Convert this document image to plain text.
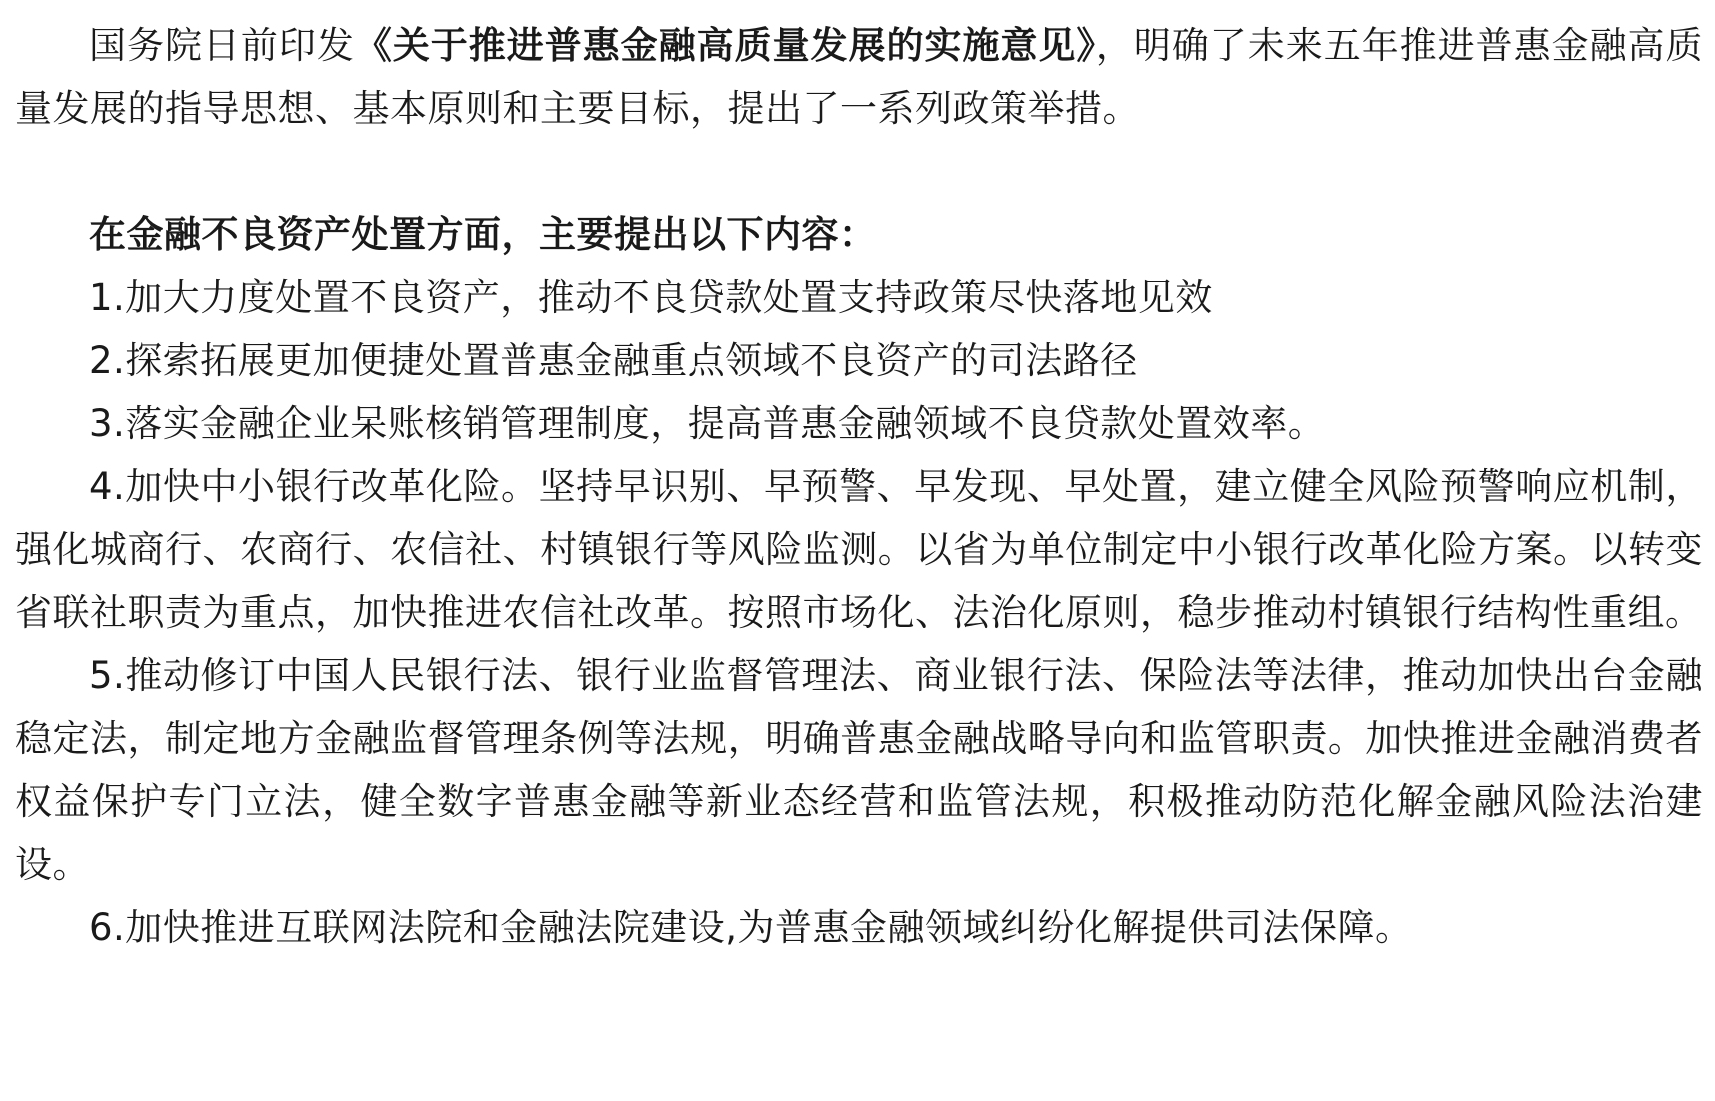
国务院日前印发《关于推进普惠金融高质量发展的实施意见》，明确了未来五年推进普惠金融高质量发展的指导思想、基本原则和主要目标，提出了一系列政策举措。

在金融不良资产处置方面，主要提出以下内容：

1.加大力度处置不良资产，推动不良贷款处置支持政策尽快落地见效

2.探索拓展更加便捷处置普惠金融重点领域不良资产的司法路径

3.落实金融企业呆账核销管理制度，提高普惠金融领域不良贷款处置效率。

4.加快中小银行改革化险。坚持早识别、早预警、早发现、早处置，建立健全风险预警响应机制，强化城商行、农商行、农信社、村镇银行等风险监测。以省为单位制定中小银行改革化险方案。以转变省联社职责为重点，加快推进农信社改革。按照市场化、法治化原则，稳步推动村镇银行结构性重组。

5.推动修订中国人民银行法、银行业监督管理法、商业银行法、保险法等法律，推动加快出台金融稳定法，制定地方金融监督管理条例等法规，明确普惠金融战略导向和监管职责。加快推进金融消费者权益保护专门立法，健全数字普惠金融等新业态经营和监管法规，积极推动防范化解金融风险法治建设。

6.加快推进互联网法院和金融法院建设,为普惠金融领域纠纷化解提供司法保障。
